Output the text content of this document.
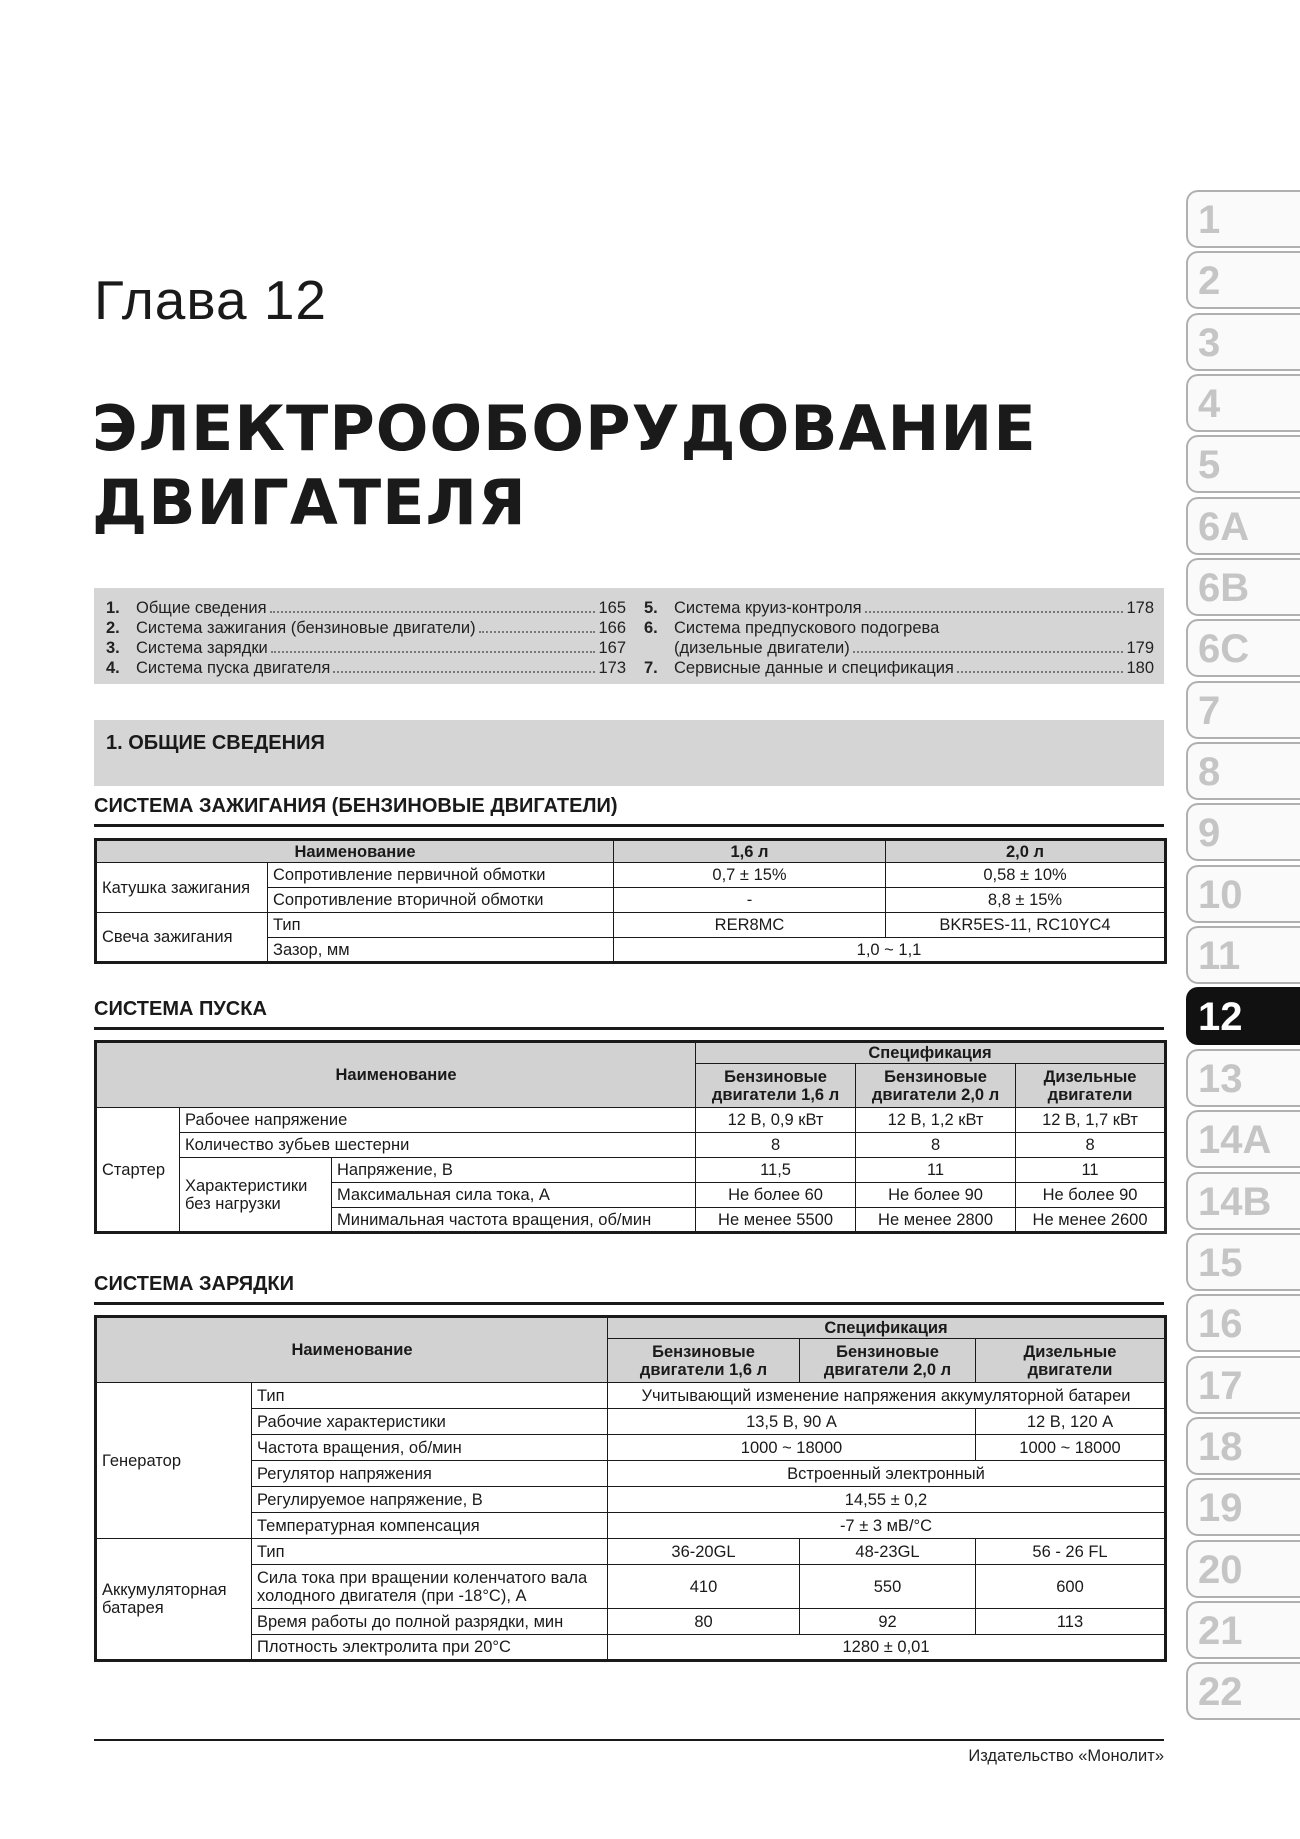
Глава 12
ЭЛЕКТРООБОРУДОВАНИЕ
ДВИГАТЕЛЯ
1. Общие сведения	165
2. Система зажигания (бензиновые двигатели)	166
3. Система зарядки	167
4. Система пуска двигателя	173
5. Система круиз-контроля	178
6. Система предпускового подогрева
(дизельные двигатели)	179
7. Сервисные данные и спецификация	180
1. ОБЩИЕ СВЕДЕНИЯ
СИСТЕМА ЗАЖИГАНИЯ (БЕНЗИНОВЫЕ ДВИГАТЕЛИ)
Наименование		1,6 л	2,0 л
Катушка зажигания	Сопротивление первичной обмотки	0,7 ± 15%	0,58 ± 10%
	Сопротивление вторичной обмотки	-	8,8 ± 15%
Свеча зажигания	Тип	RER8MC	BKR5ES-11, RC10YC4
	Зазор, мм	1,0 ~ 1,1	
СИСТЕМА ПУСКА
Наименование			Спецификация		
			Бензиновые двигатели 1,6 л	Бензиновые двигатели 2,0 л	Дизельные двигатели
Стартер	Рабочее напряжение		12 В, 0,9 кВт	12 В, 1,2 кВт	12 В, 1,7 кВт
	Количество зубьев шестерни		8	8	8
	Характеристики без нагрузки	Напряжение, В	11,5	11	11
		Максимальная сила тока, А	Не более 60	Не более 90	Не более 90
		Минимальная частота вращения, об/мин	Не менее 5500	Не менее 2800	Не менее 2600
СИСТЕМА ЗАРЯДКИ
Наименование		Спецификация		
		Бензиновые двигатели 1,6 л	Бензиновые двигатели 2,0 л	Дизельные двигатели
Генератор	Тип	Учитывающий изменение напряжения аккумуляторной батареи		
	Рабочие характеристики	13,5 В, 90 А		12 В, 120 А
	Частота вращения, об/мин	1000 ~ 18000		1000 ~ 18000
	Регулятор напряжения	Встроенный электронный		
	Регулируемое напряжение, В	14,55 ± 0,2		
	Температурная компенсация	-7 ± 3 мВ/°С		
Аккумуляторная батарея	Тип	36-20GL	48-23GL	56 - 26 FL
	Сила тока при вращении коленчатого вала холодного двигателя (при -18°С), А	410	550	600
	Время работы до полной разрядки, мин	80	92	113
	Плотность электролита при 20°С	1280 ± 0,01		
Издательство «Монолит»
1
2
3
4
5
6A
6B
6C
7
8
9
10
11
12
13
14A
14B
15
16
17
18
19
20
21
22
